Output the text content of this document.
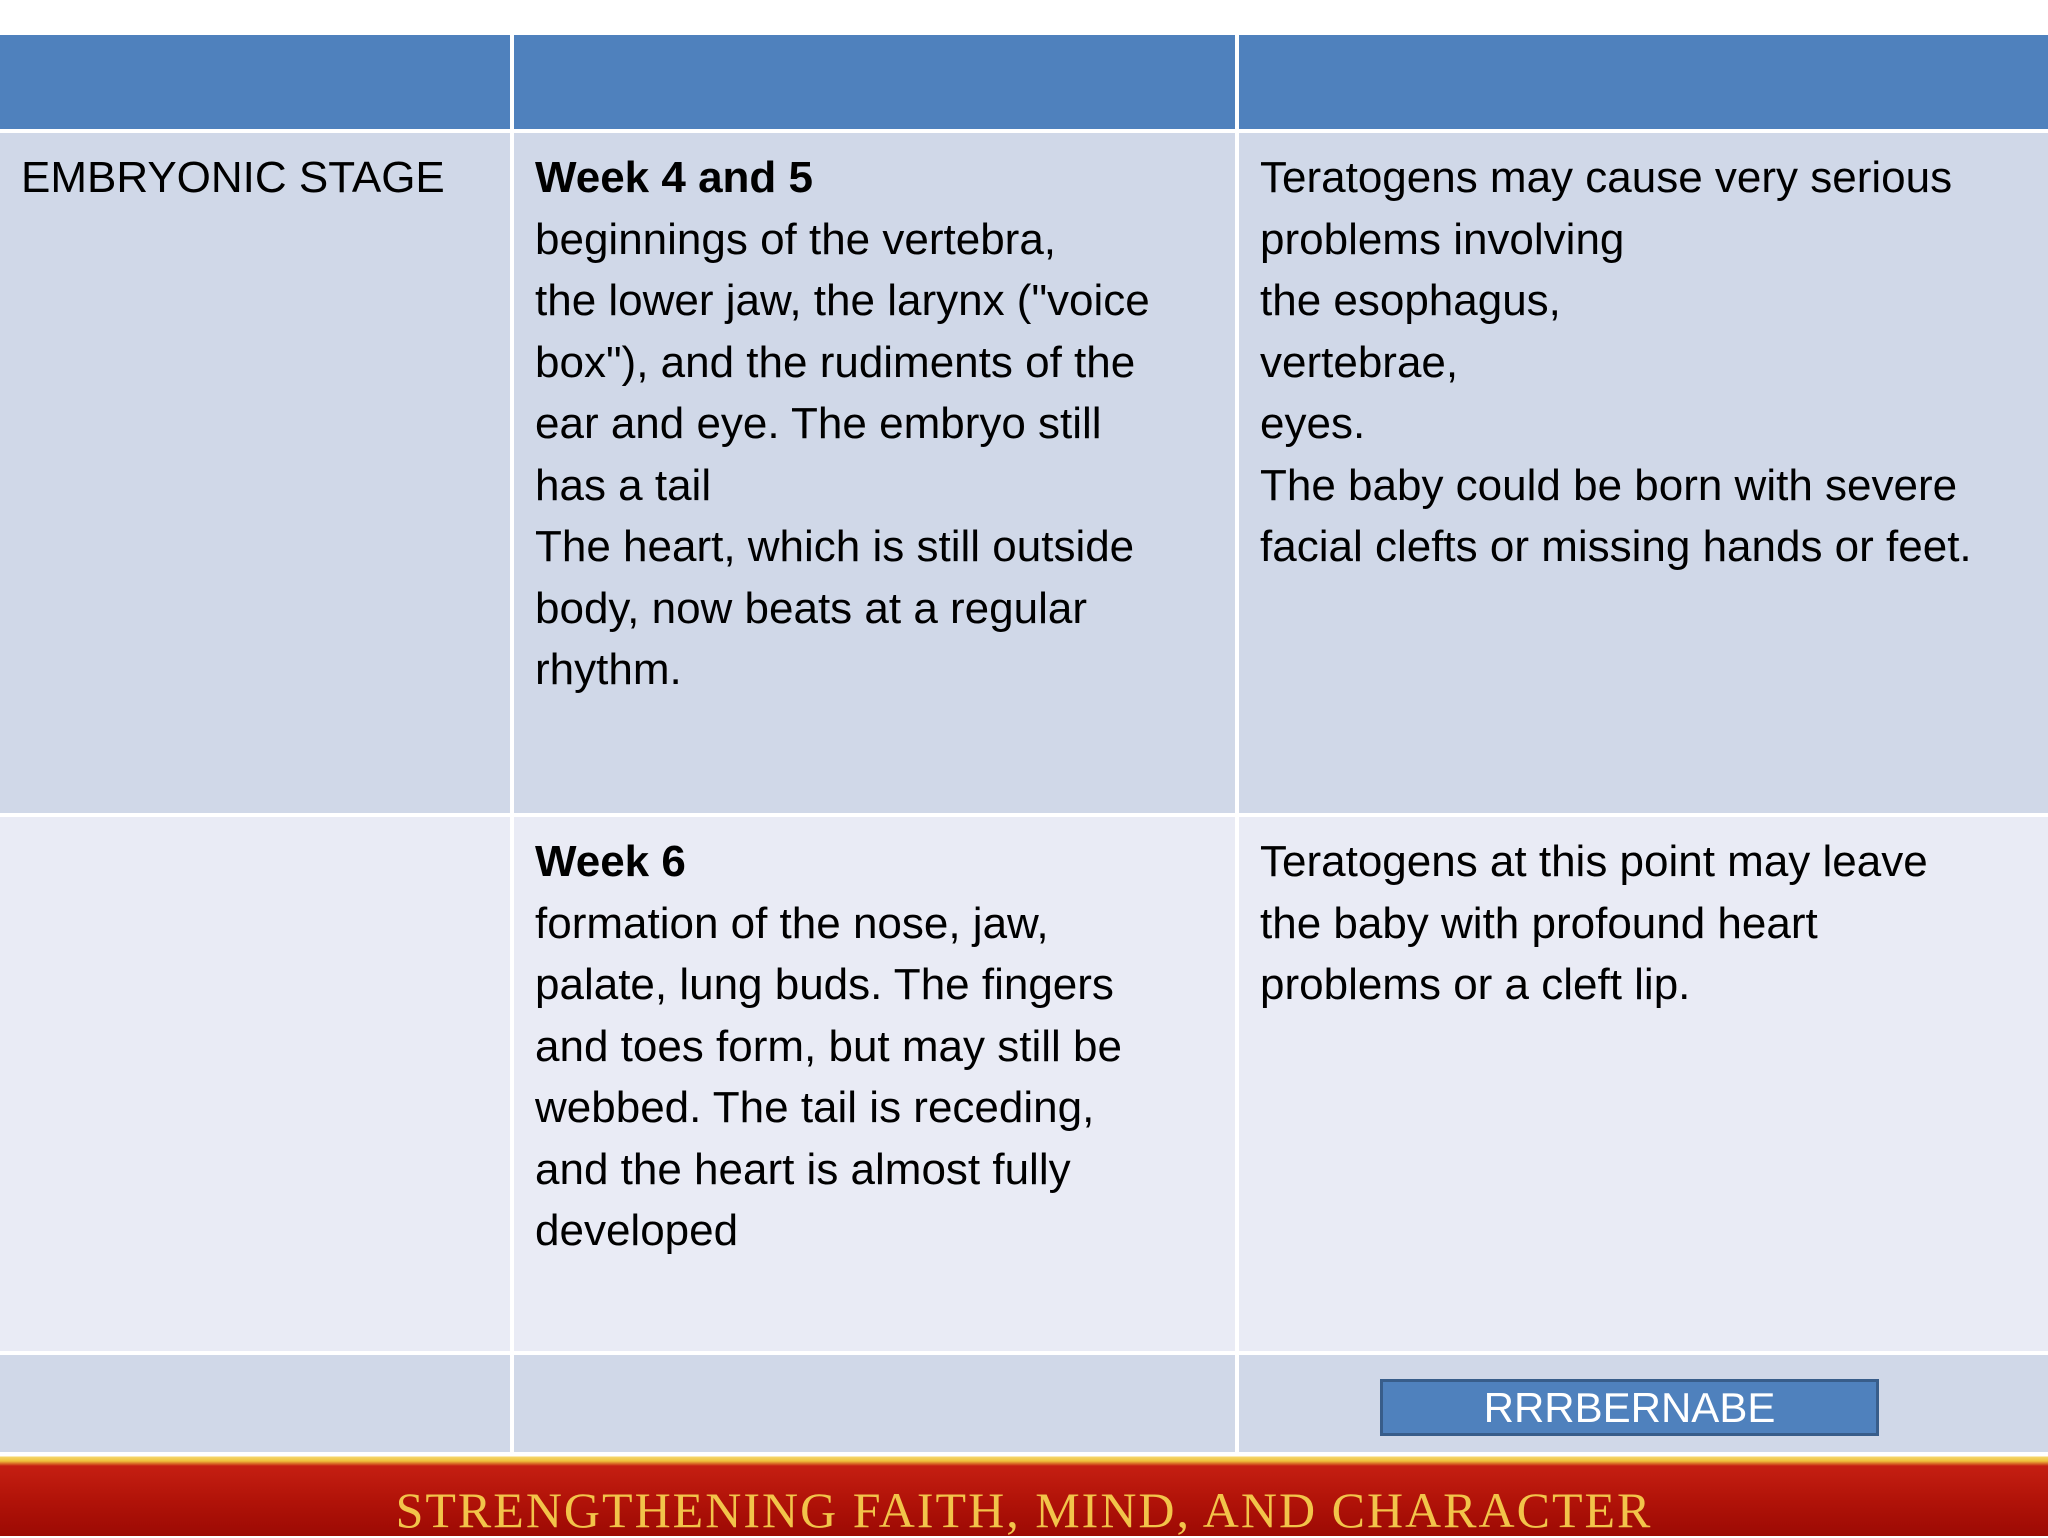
EMBRYONIC STAGE	Week 4 and 5
beginnings of the vertebra,
the lower jaw, the larynx ("voice
box"), and the rudiments of the
ear and eye. The embryo still
has a tail
The heart, which is still outside
body, now beats at a regular
rhythm.
Teratogens may cause very serious
problems involving
the esophagus,
vertebrae,
eyes.
The baby could be born with severe
facial clefts or missing hands or feet.
Week 6
formation of the nose, jaw,
palate, lung buds. The fingers
and toes form, but may still be
webbed. The tail is receding,
and the heart is almost fully
developed
Teratogens at this point may leave
the baby with profound heart
problems or a cleft lip.
RRRBERNABE
STRENGTHENING FAITH, MIND, AND CHARACTER
